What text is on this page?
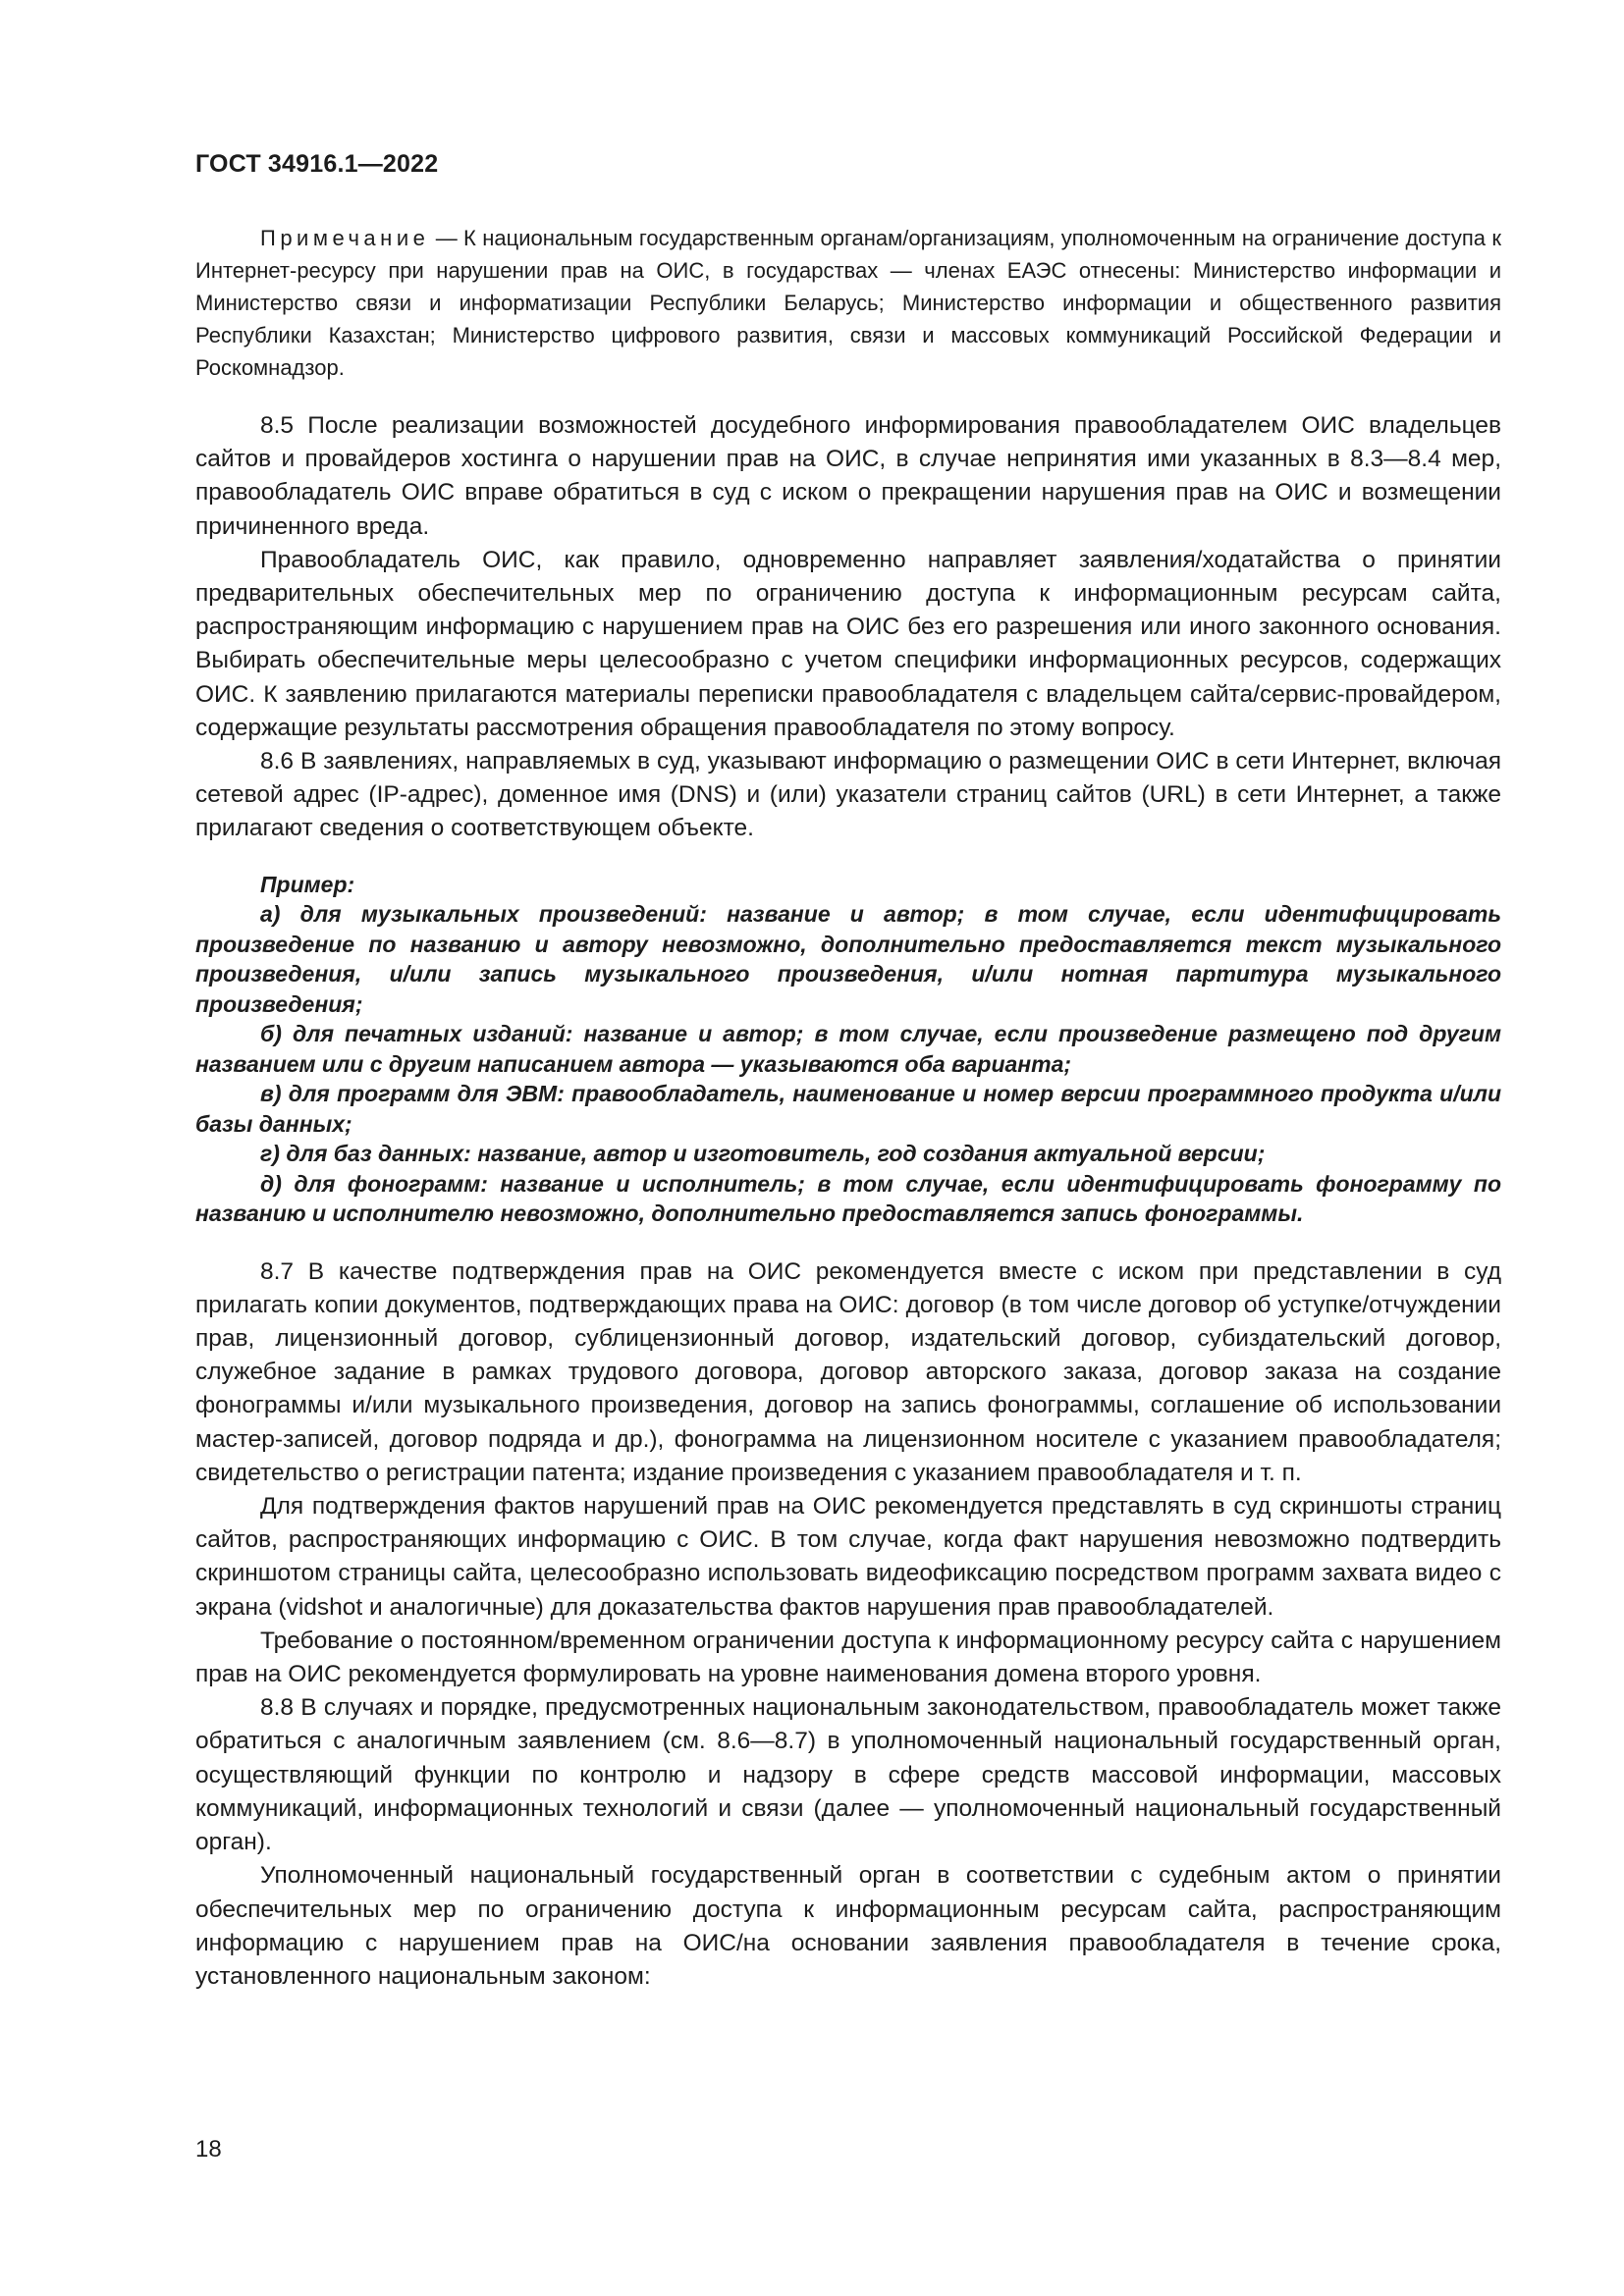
ГОСТ 34916.1—2022

Примечание — К национальным государственным органам/организациям, уполномоченным на ограничение доступа к Интернет-ресурсу при нарушении прав на ОИС, в государствах — членах ЕАЭС отнесены: Министерство информации и Министерство связи и информатизации Республики Беларусь; Министерство информации и общественного развития Республики Казахстан; Министерство цифрового развития, связи и массовых коммуникаций Российской Федерации и Роскомнадзор.

8.5 После реализации возможностей досудебного информирования правообладателем ОИС владельцев сайтов и провайдеров хостинга о нарушении прав на ОИС, в случае непринятия ими указанных в 8.3—8.4 мер, правообладатель ОИС вправе обратиться в суд с иском о прекращении нарушения прав на ОИС и возмещении причиненного вреда.

Правообладатель ОИС, как правило, одновременно направляет заявления/ходатайства о принятии предварительных обеспечительных мер по ограничению доступа к информационным ресурсам сайта, распространяющим информацию с нарушением прав на ОИС без его разрешения или иного законного основания. Выбирать обеспечительные меры целесообразно с учетом специфики информационных ресурсов, содержащих ОИС. К заявлению прилагаются материалы переписки правообладателя с владельцем сайта/сервис-провайдером, содержащие результаты рассмотрения обращения правообладателя по этому вопросу.

8.6 В заявлениях, направляемых в суд, указывают информацию о размещении ОИС в сети Интернет, включая сетевой адрес (IP-адрес), доменное имя (DNS) и (или) указатели страниц сайтов (URL) в сети Интернет, а также прилагают сведения о соответствующем объекте.

Пример:

а) для музыкальных произведений: название и автор; в том случае, если идентифицировать произведение по названию и автору невозможно, дополнительно предоставляется текст музыкального произведения, и/или запись музыкального произведения, и/или нотная партитура музыкального произведения;

б) для печатных изданий: название и автор; в том случае, если произведение размещено под другим названием или с другим написанием автора — указываются оба варианта;

в) для программ для ЭВМ: правообладатель, наименование и номер версии программного продукта и/или базы данных;

г) для баз данных: название, автор и изготовитель, год создания актуальной версии;

д) для фонограмм: название и исполнитель; в том случае, если идентифицировать фонограмму по названию и исполнителю невозможно, дополнительно предоставляется запись фонограммы.

8.7 В качестве подтверждения прав на ОИС рекомендуется вместе с иском при представлении в суд прилагать копии документов, подтверждающих права на ОИС: договор (в том числе договор об уступке/отчуждении прав, лицензионный договор, сублицензионный договор, издательский договор, субиздательский договор, служебное задание в рамках трудового договора, договор авторского заказа, договор заказа на создание фонограммы и/или музыкального произведения, договор на запись фонограммы, соглашение об использовании мастер-записей, договор подряда и др.), фонограмма на лицензионном носителе с указанием правообладателя; свидетельство о регистрации патента; издание произведения с указанием правообладателя и т. п.

Для подтверждения фактов нарушений прав на ОИС рекомендуется представлять в суд скриншоты страниц сайтов, распространяющих информацию с ОИС. В том случае, когда факт нарушения невозможно подтвердить скриншотом страницы сайта, целесообразно использовать видеофиксацию посредством программ захвата видео с экрана (vidshot и аналогичные) для доказательства фактов нарушения прав правообладателей.

Требование о постоянном/временном ограничении доступа к информационному ресурсу сайта с нарушением прав на ОИС рекомендуется формулировать на уровне наименования домена второго уровня.

8.8 В случаях и порядке, предусмотренных национальным законодательством, правообладатель может также обратиться с аналогичным заявлением (см. 8.6—8.7) в уполномоченный национальный государственный орган, осуществляющий функции по контролю и надзору в сфере средств массовой информации, массовых коммуникаций, информационных технологий и связи (далее — уполномоченный национальный государственный орган).

Уполномоченный национальный государственный орган в соответствии с судебным актом о принятии обеспечительных мер по ограничению доступа к информационным ресурсам сайта, распространяющим информацию с нарушением прав на ОИС/на основании заявления правообладателя в течение срока, установленного национальным законом:

18
